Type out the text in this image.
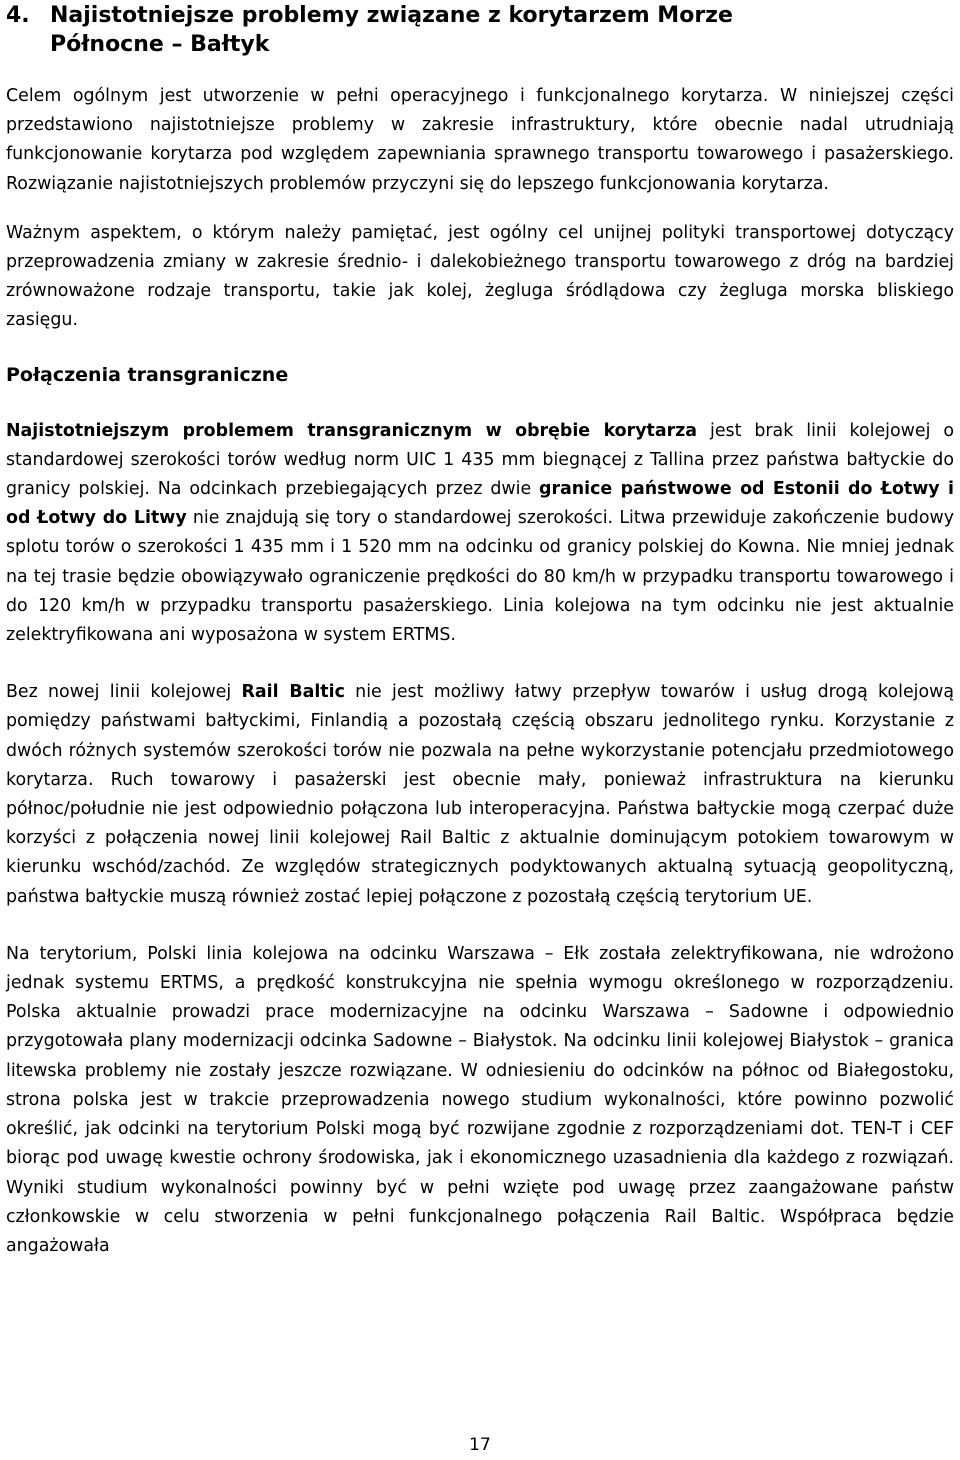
4. Najistotniejsze problemy związane z korytarzem Morze
Północne – Bałtyk

Celem ogólnym jest utworzenie w pełni operacyjnego i funkcjonalnego korytarza. W niniejszej części przedstawiono najistotniejsze problemy w zakresie infrastruktury, które obecnie nadal utrudniają funkcjonowanie korytarza pod względem zapewniania sprawnego transportu towarowego i pasażerskiego. Rozwiązanie najistotniejszych problemów przyczyni się do lepszego funkcjonowania korytarza.

Ważnym aspektem, o którym należy pamiętać, jest ogólny cel unijnej polityki transportowej dotyczący przeprowadzenia zmiany w zakresie średnio- i dalekobieżnego transportu towarowego z dróg na bardziej zrównoważone rodzaje transportu, takie jak kolej, żegluga śródlądowa czy żegluga morska bliskiego zasięgu.

Połączenia transgraniczne

Najistotniejszym problemem transgranicznym w obrębie korytarza jest brak linii kolejowej o standardowej szerokości torów według norm UIC 1 435 mm biegnącej z Tallina przez państwa bałtyckie do granicy polskiej. Na odcinkach przebiegających przez dwie granice państwowe od Estonii do Łotwy i od Łotwy do Litwy nie znajdują się tory o standardowej szerokości. Litwa przewiduje zakończenie budowy splotu torów o szerokości 1 435 mm i 1 520 mm na odcinku od granicy polskiej do Kowna. Nie mniej jednak na tej trasie będzie obowiązywało ograniczenie prędkości do 80 km/h w przypadku transportu towarowego i do 120 km/h w przypadku transportu pasażerskiego. Linia kolejowa na tym odcinku nie jest aktualnie zelektryfikowana ani wyposażona w system ERTMS.

Bez nowej linii kolejowej Rail Baltic nie jest możliwy łatwy przepływ towarów i usług drogą kolejową pomiędzy państwami bałtyckimi, Finlandią a pozostałą częścią obszaru jednolitego rynku. Korzystanie z dwóch różnych systemów szerokości torów nie pozwala na pełne wykorzystanie potencjału przedmiotowego korytarza. Ruch towarowy i pasażerski jest obecnie mały, ponieważ infrastruktura na kierunku północ/południe nie jest odpowiednio połączona lub interoperacyjna. Państwa bałtyckie mogą czerpać duże korzyści z połączenia nowej linii kolejowej Rail Baltic z aktualnie dominującym potokiem towarowym w kierunku wschód/zachód. Ze względów strategicznych podyktowanych aktualną sytuacją geopolityczną, państwa bałtyckie muszą również zostać lepiej połączone z pozostałą częścią terytorium UE.

Na terytorium, Polski linia kolejowa na odcinku Warszawa – Ełk została zelektryfikowana, nie wdrożono jednak systemu ERTMS, a prędkość konstrukcyjna nie spełnia wymogu określonego w rozporządzeniu. Polska aktualnie prowadzi prace modernizacyjne na odcinku Warszawa – Sadowne i odpowiednio przygotowała plany modernizacji odcinka Sadowne – Białystok. Na odcinku linii kolejowej Białystok – granica litewska problemy nie zostały jeszcze rozwiązane. W odniesieniu do odcinków na północ od Białegostoku, strona polska jest w trakcie przeprowadzenia nowego studium wykonalności, które powinno pozwolić określić, jak odcinki na terytorium Polski mogą być rozwijane zgodnie z rozporządzeniami dot. TEN-T i CEF biorąc pod uwagę kwestie ochrony środowiska, jak i ekonomicznego uzasadnienia dla każdego z rozwiązań. Wyniki studium wykonalności powinny być w pełni wzięte pod uwagę przez zaangażowane państw członkowskie w celu stworzenia w pełni funkcjonalnego połączenia Rail Baltic. Współpraca będzie angażowała

17
